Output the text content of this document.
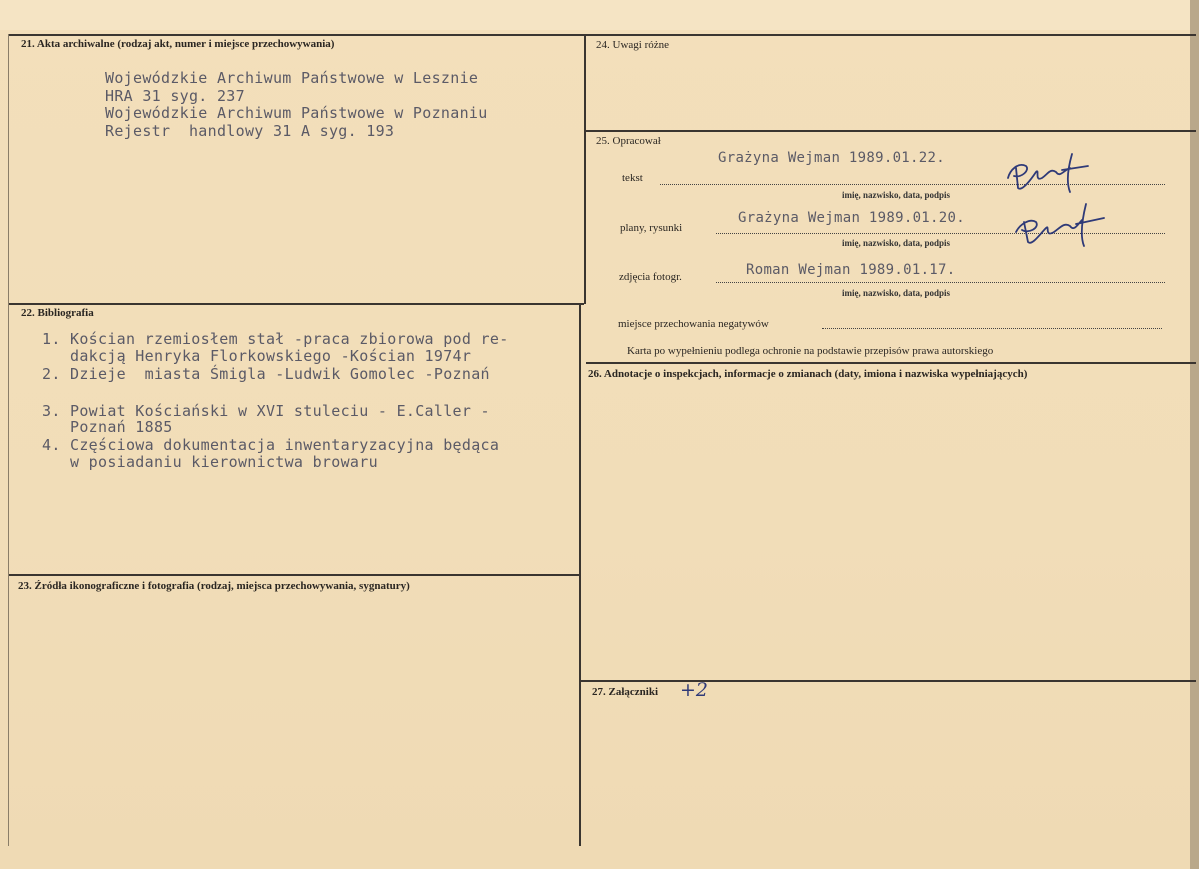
21. Akta archiwalne (rodzaj akt, numer i miejsce przechowywania)
Wojewódzkie Archiwum Państwowe w Lesznie
HRA 31 syg. 237
Wojewódzkie Archiwum Państwowe w Poznaniu
Rejestr  handlowy 31 A syg. 193
22. Bibliografia
1. Kościan rzemiosłem stał -praca zbiorowa pod re-
dakcją Henryka Florkowskiego -Kościan 1974r
2. Dzieje  miasta Śmigla -Ludwik Gomolec -Poznań
3. Powiat Kościański w XVI stuleciu - E.Caller -
Poznań 1885
4. Częściowa dokumentacja inwentaryzacyjna będąca
w posiadaniu kierownictwa browaru
23. Źródła ikonograficzne i fotografia (rodzaj, miejsca przechowywania, sygnatury)
24. Uwagi różne
25. Opracował
Grażyna Wejman 1989.01.22.
tekst
imię, nazwisko, data, podpis
Grażyna Wejman 1989.01.20.
plany, rysunki
imię, nazwisko, data, podpis
Roman Wejman 1989.01.17.
zdjęcia fotogr.
imię, nazwisko, data, podpis
miejsce przechowania negatywów
Karta po wypełnieniu podlega ochronie na podstawie przepisów prawa autorskiego
26. Adnotacje o inspekcjach, informacje o zmianach (daty, imiona i nazwiska wypełniających)
27. Załączniki +2
